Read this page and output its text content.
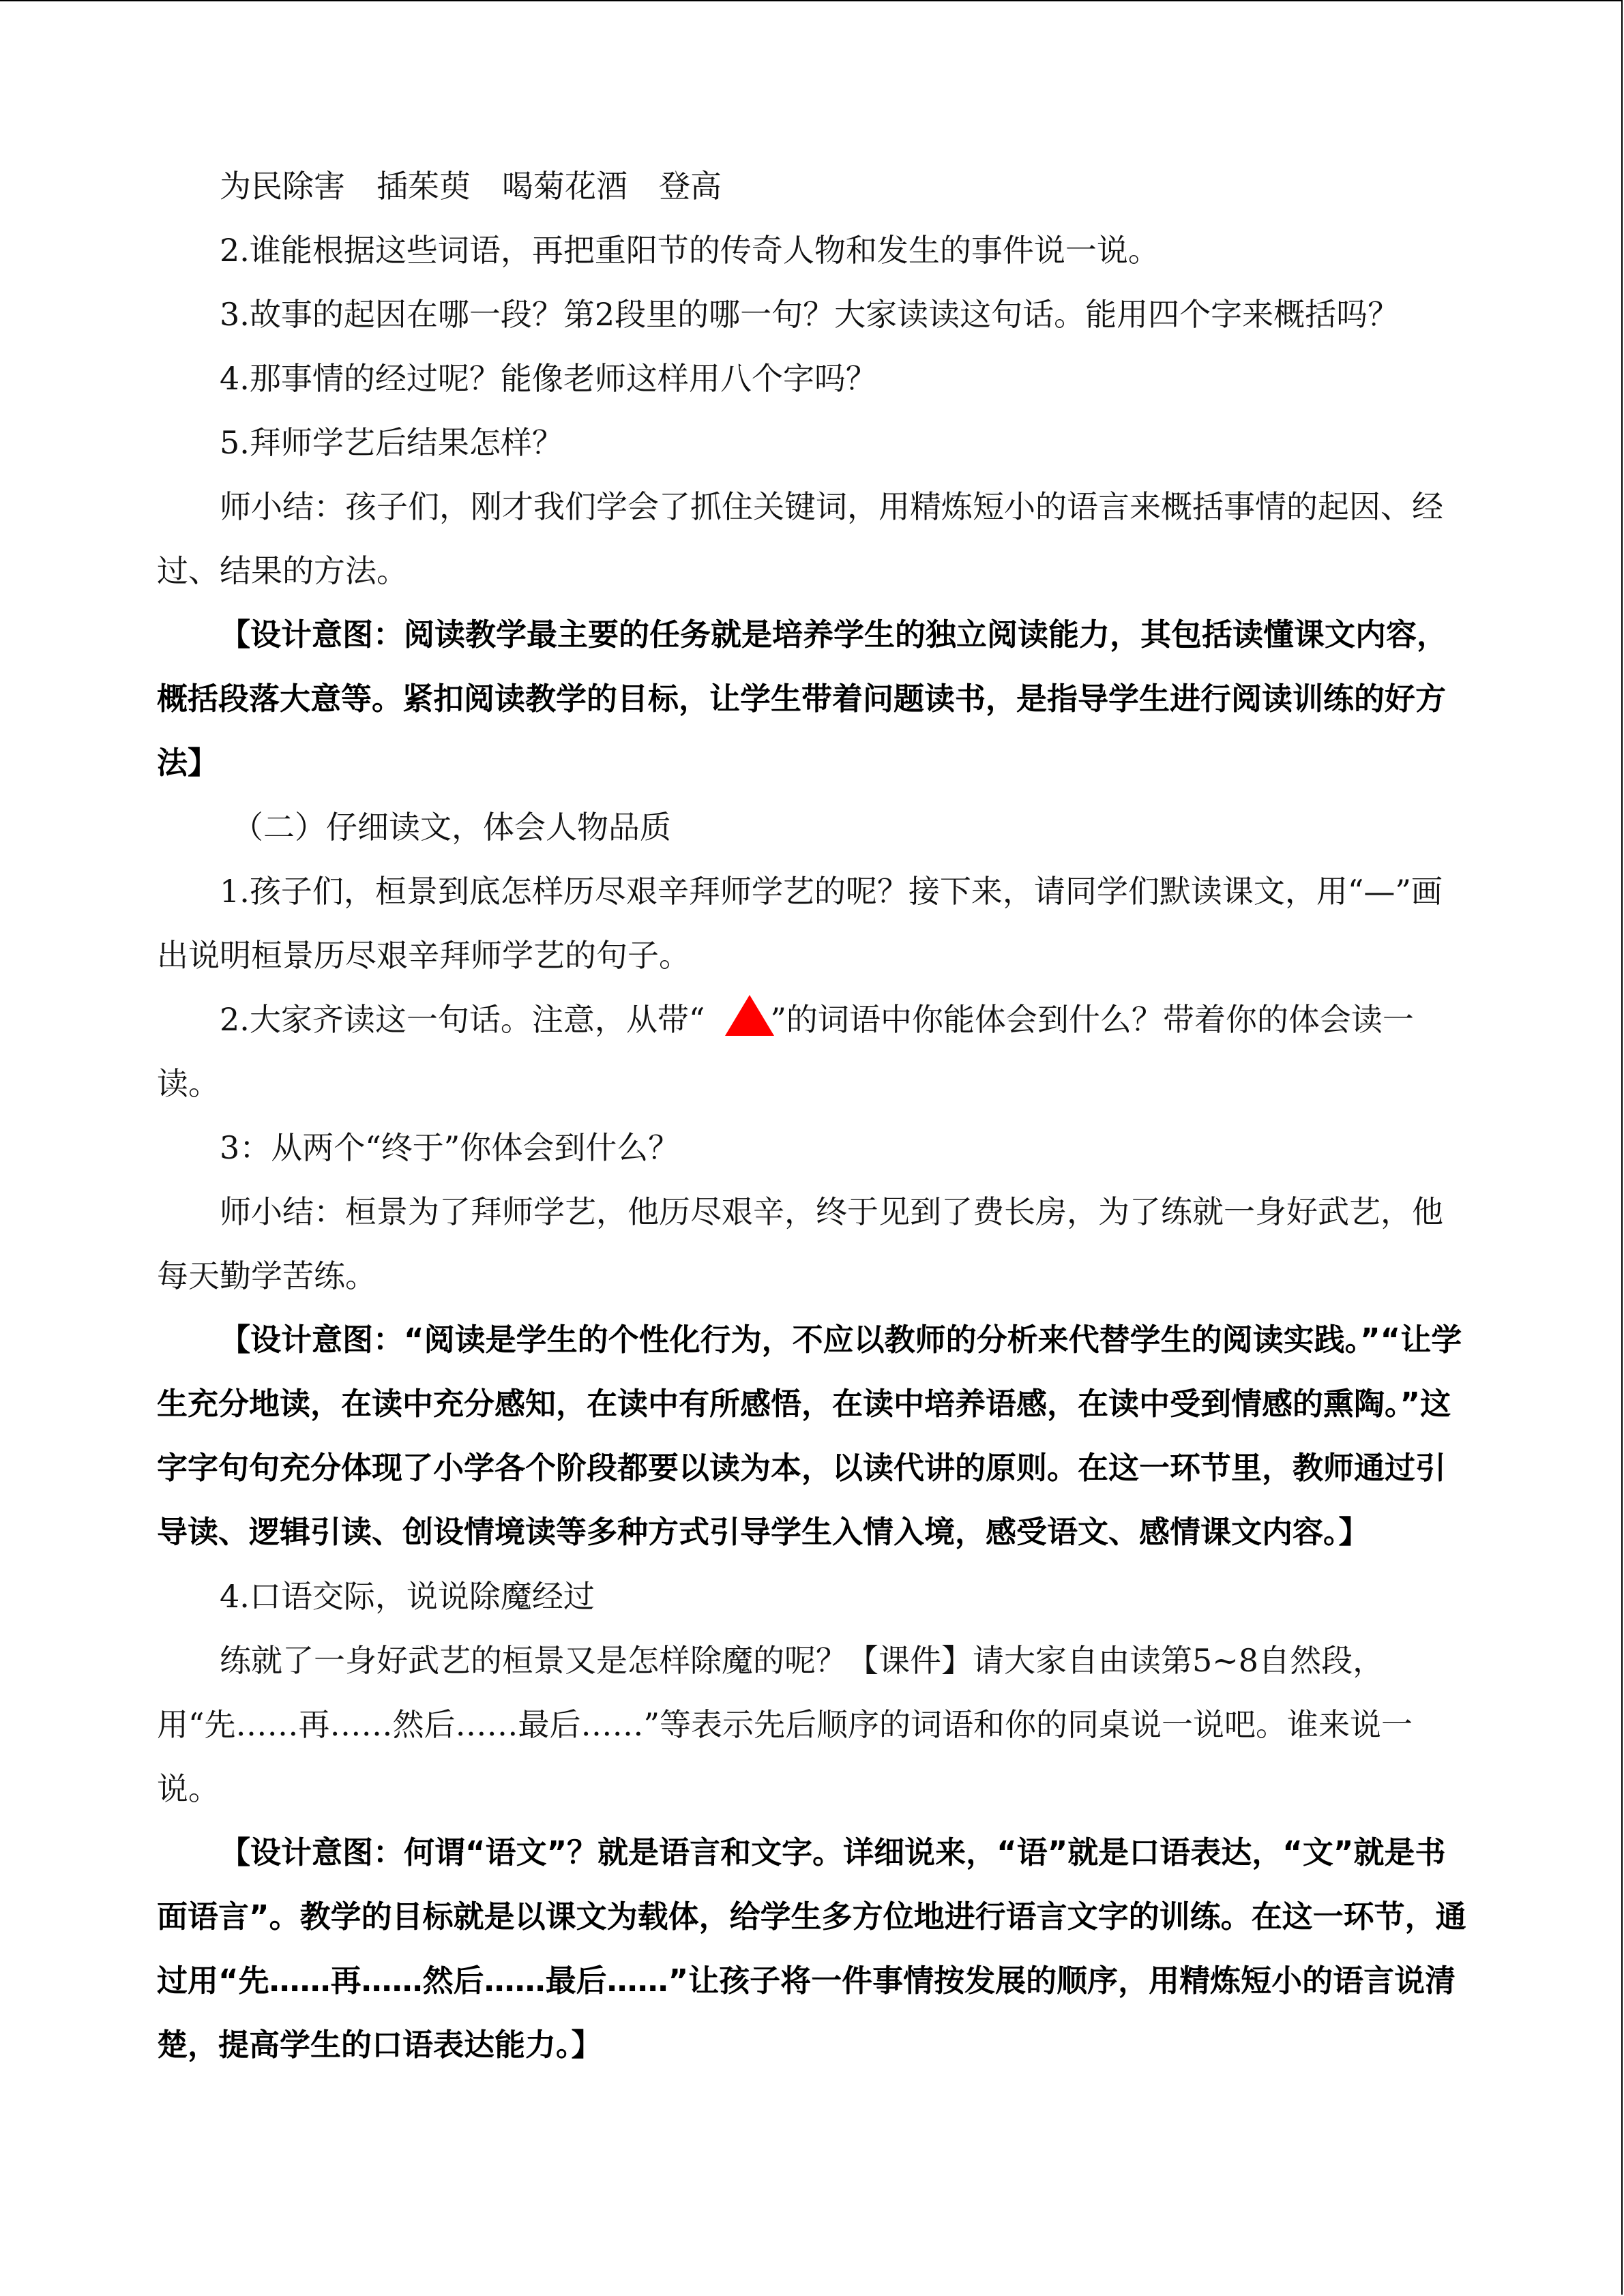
为民除害　插茱萸　喝菊花酒　登高

2.谁能根据这些词语，再把重阳节的传奇人物和发生的事件说一说。

3.故事的起因在哪一段？第2段里的哪一句？大家读读这句话。能用四个字来概括吗？

4.那事情的经过呢？能像老师这样用八个字吗？

5.拜师学艺后结果怎样？

师小结：孩子们，刚才我们学会了抓住关键词，用精炼短小的语言来概括事情的起因、经过、结果的方法。

【设计意图：阅读教学最主要的任务就是培养学生的独立阅读能力，其包括读懂课文内容，概括段落大意等。紧扣阅读教学的目标，让学生带着问题读书，是指导学生进行阅读训练的好方法】

（二）仔细读文，体会人物品质

1.孩子们，桓景到底怎样历尽艰辛拜师学艺的呢？接下来，请同学们默读课文，用“—”画出说明桓景历尽艰辛拜师学艺的句子。

2.大家齐读这一句话。注意，从带“ ”的词语中你能体会到什么？带着你的体会读一读。

3：从两个“终于”你体会到什么？

师小结：桓景为了拜师学艺，他历尽艰辛，终于见到了费长房，为了练就一身好武艺，他每天勤学苦练。

【设计意图：“阅读是学生的个性化行为，不应以教师的分析来代替学生的阅读实践。”“让学生充分地读，在读中充分感知，在读中有所感悟，在读中培养语感，在读中受到情感的熏陶。”这字字句句充分体现了小学各个阶段都要以读为本，以读代讲的原则。在这一环节里，教师通过引导读、逻辑引读、创设情境读等多种方式引导学生入情入境，感受语文、感情课文内容。】

4.口语交际，说说除魔经过

练就了一身好武艺的桓景又是怎样除魔的呢？【课件】请大家自由读第5~8自然段，用“先……再……然后……最后……”等表示先后顺序的词语和你的同桌说一说吧。谁来说一说。

【设计意图：何谓“语文”？就是语言和文字。详细说来，“语”就是口语表达，“文”就是书面语言”。教学的目标就是以课文为载体，给学生多方位地进行语言文字的训练。在这一环节，通过用“先……再……然后……最后……”让孩子将一件事情按发展的顺序，用精炼短小的语言说清楚，提高学生的口语表达能力。】
